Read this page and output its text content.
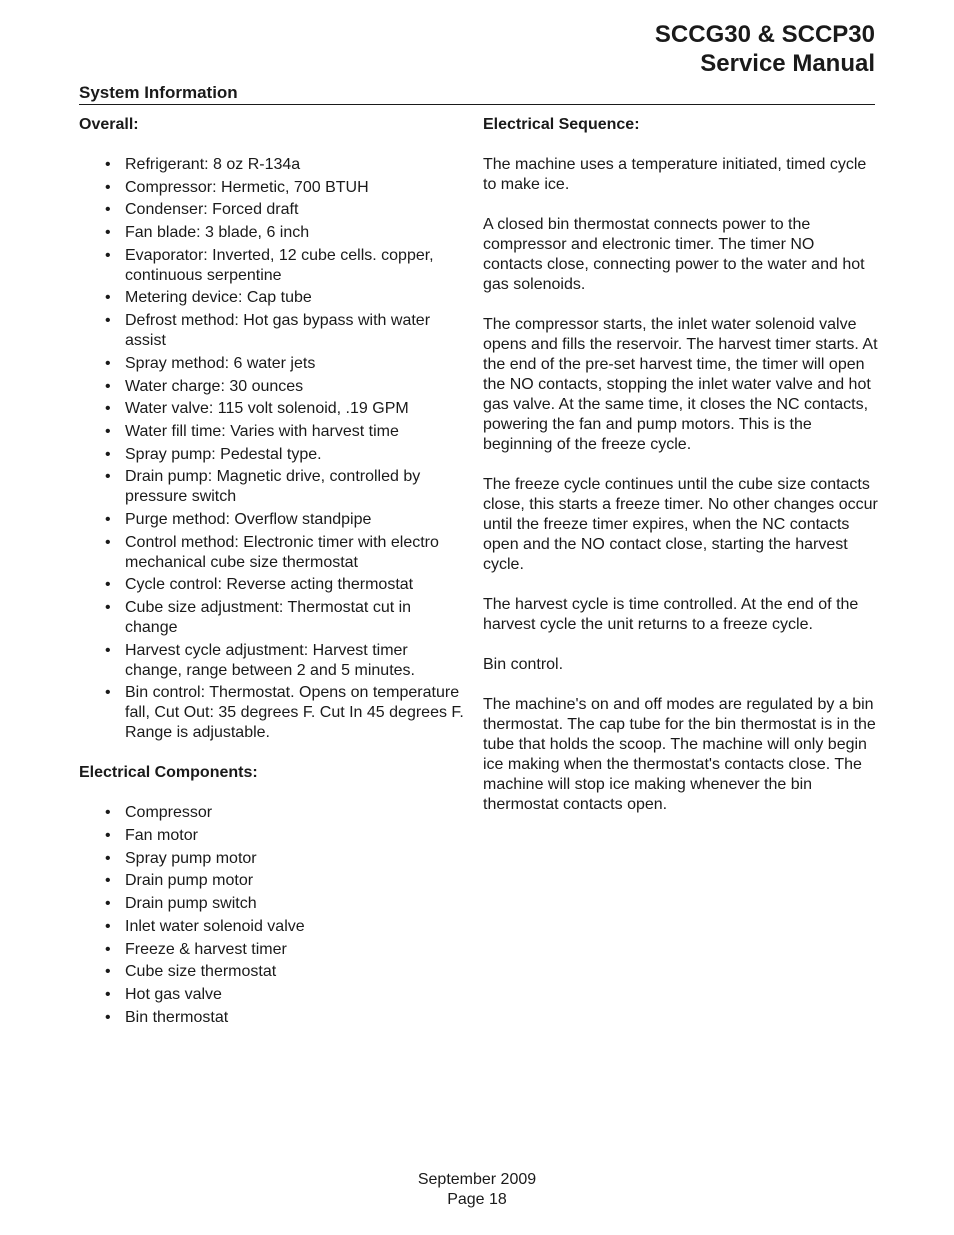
SCCG30 & SCCP30
Service Manual
System Information
Overall:
• Refrigerant: 8 oz R-134a
• Compressor: Hermetic, 700 BTUH
• Condenser: Forced draft
• Fan blade: 3 blade, 6 inch
• Evaporator: Inverted, 12 cube cells. copper, continuous serpentine
• Metering device: Cap tube
• Defrost method: Hot gas bypass with water assist
• Spray method: 6 water jets
• Water charge: 30 ounces
• Water valve: 115 volt solenoid, .19 GPM
• Water fill time: Varies with harvest time
• Spray pump: Pedestal type.
• Drain pump: Magnetic drive, controlled by pressure switch
• Purge method: Overflow standpipe
• Control method: Electronic timer with electro mechanical cube size thermostat
• Cycle control: Reverse acting thermostat
• Cube size adjustment: Thermostat cut in change
• Harvest cycle adjustment: Harvest timer change, range between 2 and 5 minutes.
• Bin control: Thermostat. Opens on temperature fall, Cut Out: 35 degrees F. Cut In 45 degrees F. Range is adjustable.
Electrical Components:
• Compressor
• Fan motor
• Spray pump motor
• Drain pump motor
• Drain pump switch
• Inlet water solenoid valve
• Freeze & harvest timer
• Cube size thermostat
• Hot gas valve
• Bin thermostat
Electrical Sequence:
The machine uses a temperature initiated, timed cycle to make ice.
A closed bin thermostat connects power to the compressor and electronic timer. The timer NO contacts close, connecting power to the water and hot gas solenoids.
The compressor starts, the inlet water solenoid valve opens and fills the reservoir. The harvest timer starts. At the end of the pre-set harvest time, the timer will open the NO contacts, stopping the inlet water valve and hot gas valve. At the same time, it closes the NC contacts, powering the fan and pump motors. This is the beginning of the freeze cycle.
The freeze cycle continues until the cube size contacts close, this starts a freeze timer. No other changes occur until the freeze timer expires, when the NC contacts open and the NO contact close, starting the harvest cycle.
The harvest cycle is time controlled. At the end of the harvest cycle the unit returns to a freeze cycle.
Bin control.
The machine's on and off modes are regulated by a bin thermostat. The cap tube for the bin thermostat is in the tube that holds the scoop. The machine will only begin ice making when the thermostat's contacts close. The machine will stop ice making whenever the bin thermostat contacts open.
September 2009
Page 18
